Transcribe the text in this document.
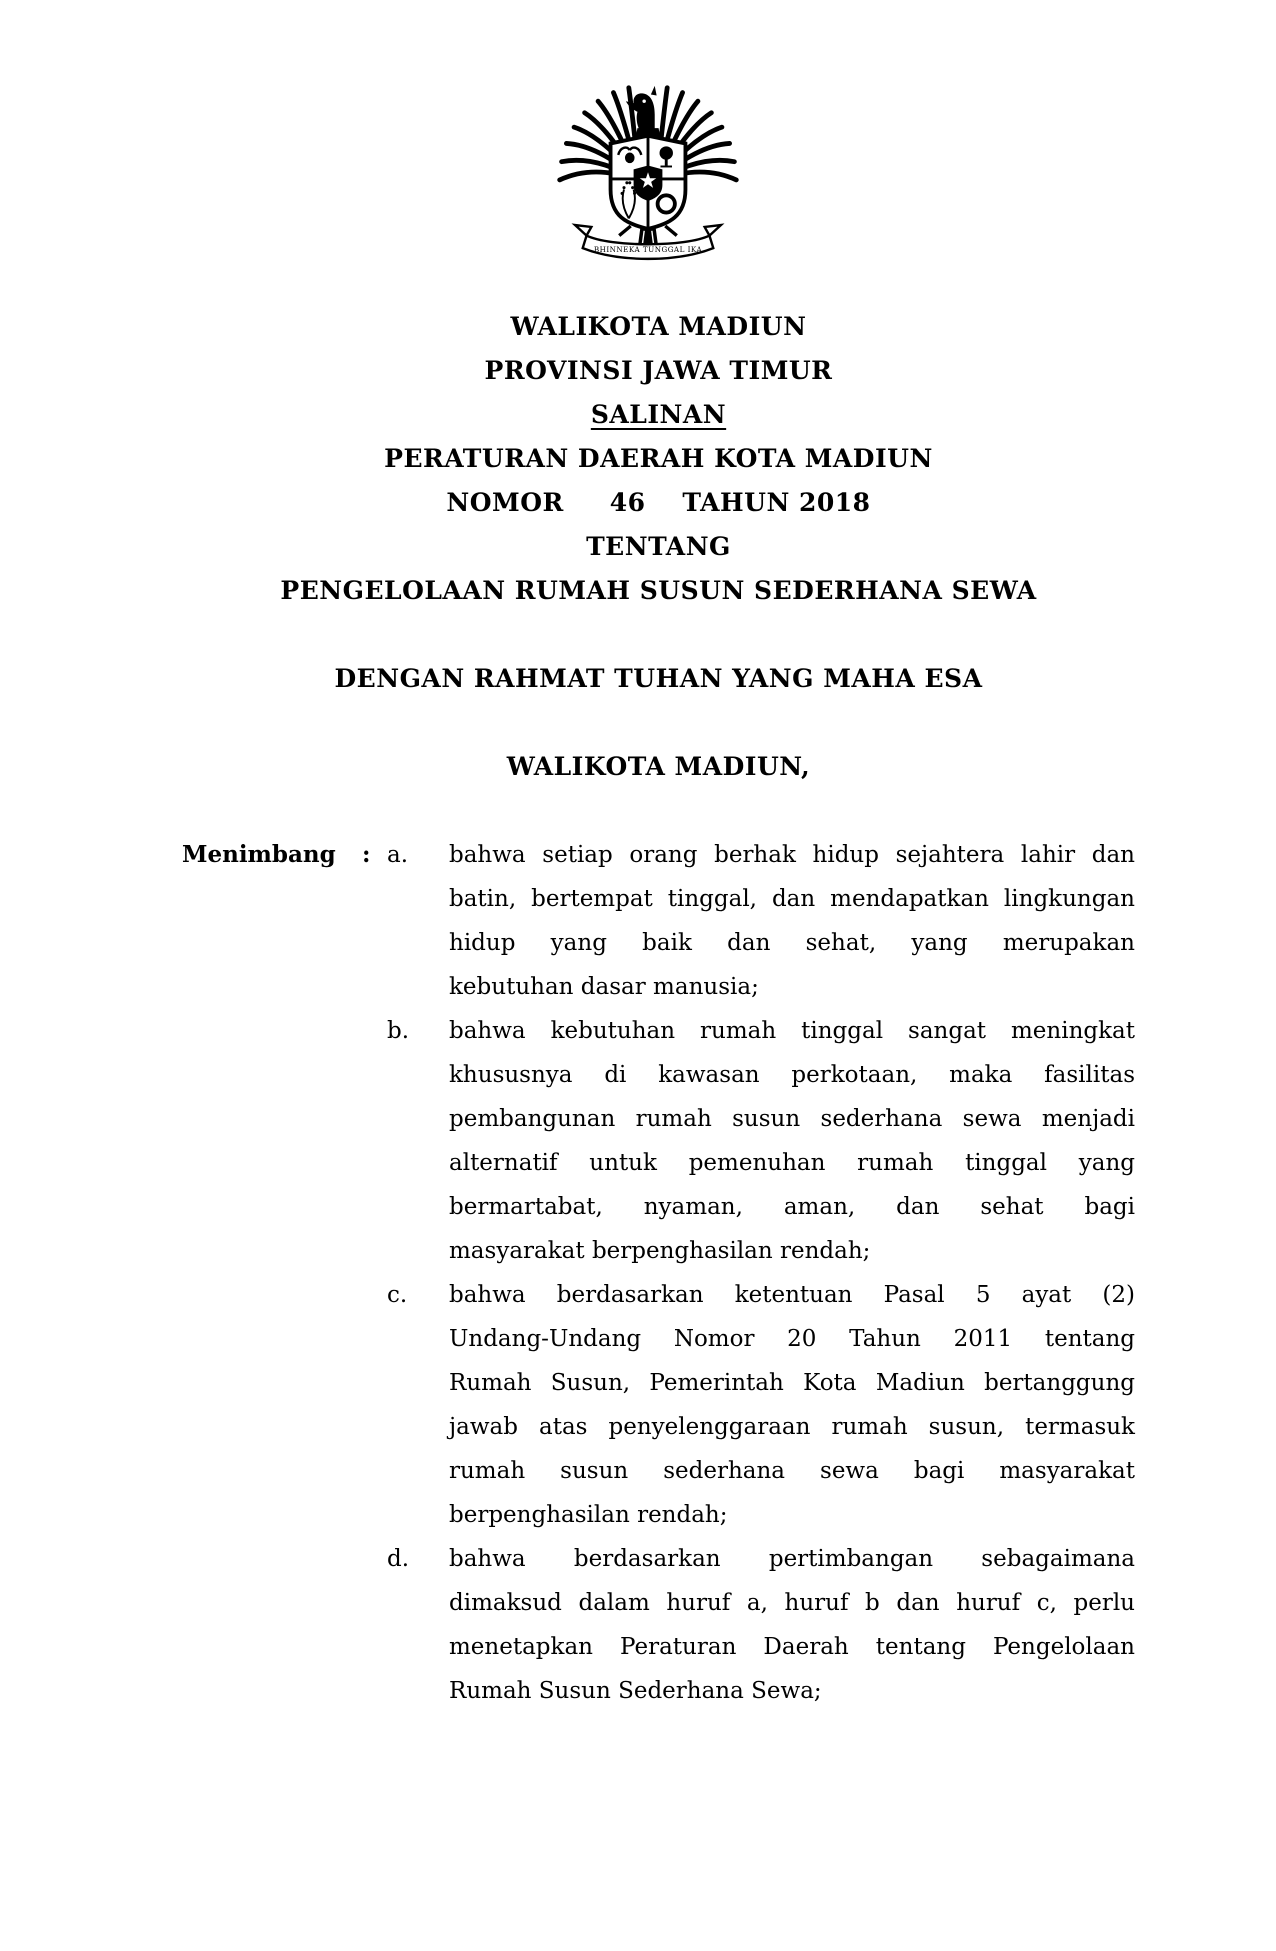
BHINNEKA TUNGGAL IKA
WALIKOTA MADIUN
PROVINSI JAWA TIMUR
SALINAN
PERATURAN DAERAH KOTA MADIUN
NOMOR     46    TAHUN 2018
TENTANG
PENGELOLAAN RUMAH SUSUN SEDERHANA SEWA
DENGAN RAHMAT TUHAN YANG MAHA ESA
WALIKOTA MADIUN,
Menimbang	: a.	bahwa setiap orang berhak hidup sejahtera lahir dan
batin, bertempat tinggal, dan mendapatkan lingkungan
hidup yang baik dan sehat, yang merupakan
kebutuhan dasar manusia;
b.	bahwa kebutuhan rumah tinggal sangat meningkat
khususnya di kawasan perkotaan, maka fasilitas
pembangunan rumah susun sederhana sewa menjadi
alternatif untuk pemenuhan rumah tinggal yang
bermartabat, nyaman, aman, dan sehat bagi
masyarakat berpenghasilan rendah;
c.	bahwa berdasarkan ketentuan Pasal 5 ayat (2)
Undang-Undang Nomor 20 Tahun 2011 tentang
Rumah Susun, Pemerintah Kota Madiun bertanggung
jawab atas penyelenggaraan rumah susun, termasuk
rumah susun sederhana sewa bagi masyarakat
berpenghasilan rendah;
d.	bahwa berdasarkan pertimbangan sebagaimana
dimaksud dalam huruf a, huruf b dan huruf c, perlu
menetapkan Peraturan Daerah tentang Pengelolaan
Rumah Susun Sederhana Sewa;
